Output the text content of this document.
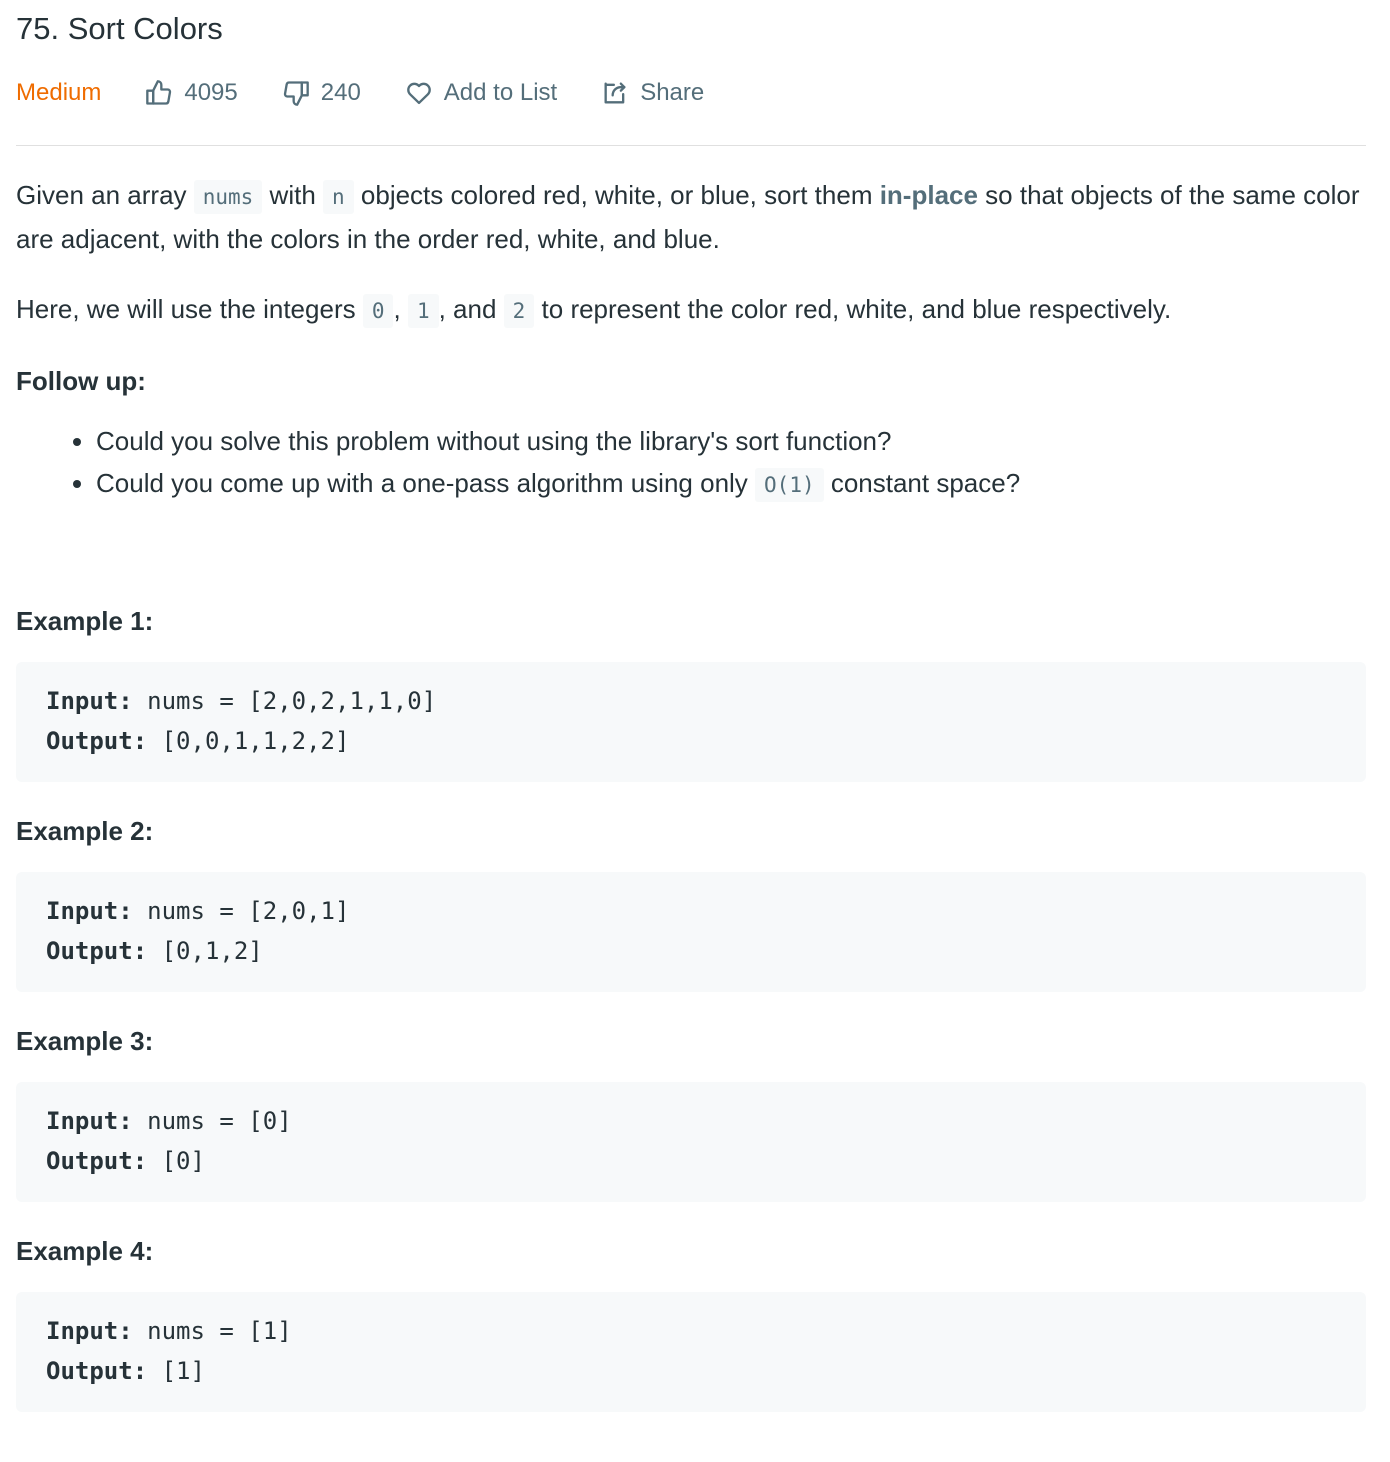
75. Sort Colors
Medium	4095	240	Add to List	Share

Given an array nums with n objects colored red, white, or blue, sort them in-place so that objects of the same color are adjacent, with the colors in the order red, white, and blue.

Here, we will use the integers 0 , 1 , and 2 to represent the color red, white, and blue respectively.

Follow up:

• Could you solve this problem without using the library's sort function?
• Could you come up with a one-pass algorithm using only O(1) constant space?
Example 1:
Input: nums = [2,0,2,1,1,0]
Output: [0,0,1,1,2,2]
Example 2:
Input: nums = [2,0,1]
Output: [0,1,2]
Example 3:
Input: nums = [0]
Output: [0]
Example 4:
Input: nums = [1]
Output: [1]
